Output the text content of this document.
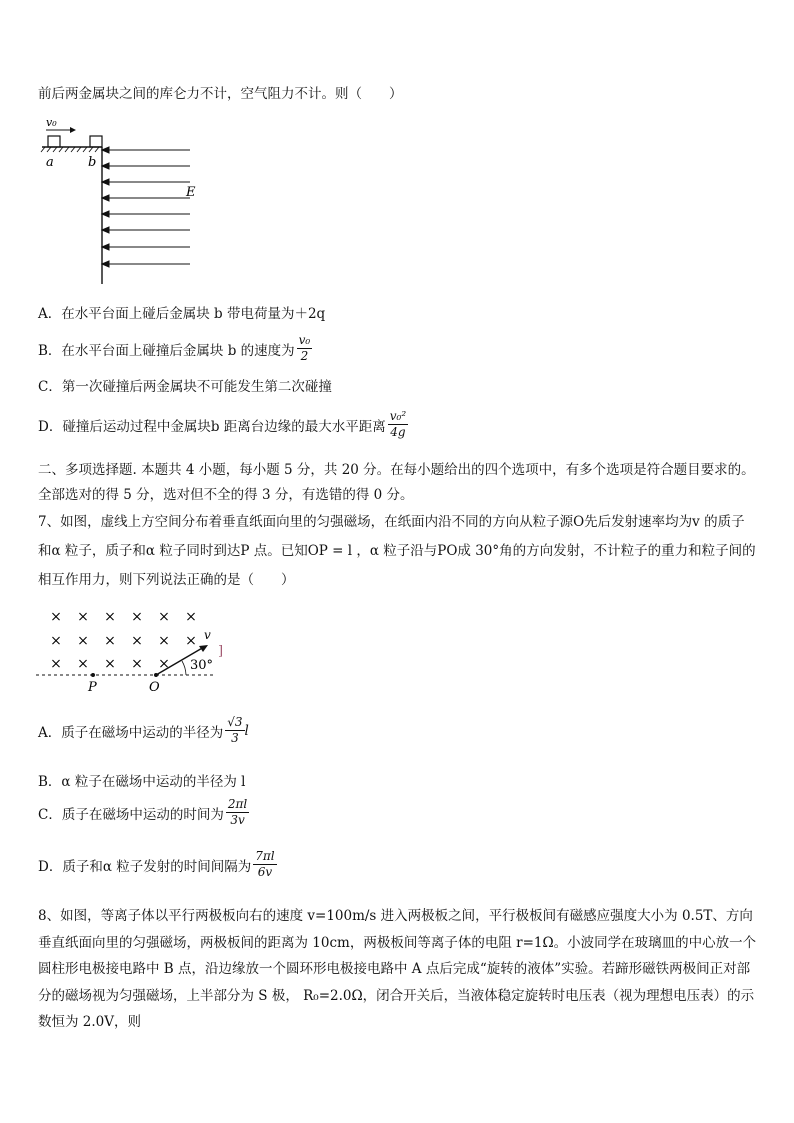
前后两金属块之间的库仑力不计，空气阻力不计。则（　　）
v₀
a	b
E
A．在水平台面上碰后金属块 b 带电荷量为＋2q
B．在水平台面上碰撞后金属块 b 的速度为 $\frac{\text{v₀}}{2}$
C．第一次碰撞后两金属块不可能发生第二次碰撞
D．碰撞后运动过程中金属块b 距离台边缘的最大水平距离 $\frac{\text{v₀²}}{4g}$
二、多项选择题. 本题共 4 小题，每小题 5 分，共 20 分。在每小题给出的四个选项中，有多个选项是符合题目要求的。全部选对的得 5 分，选对但不全的得 3 分，有选错的得 0 分。
7、如图，虚线上方空间分布着垂直纸面向里的匀强磁场，在纸面内沿不同的方向从粒子源O先后发射速率均为v 的质子和α 粒子，质子和α 粒子同时到达P 点。已知OP = l ，α 粒子沿与PO成 30°角的方向发射，不计粒子的重力和粒子间的相互作用力，则下列说法正确的是（　　）
× × × × × ×
× × × × × ×
× × × × ×
v
30°
]
P	O
A．质子在磁场中运动的半径为 $\frac{√3}{3}$ l
B．α 粒子在磁场中运动的半径为 l
C．质子在磁场中运动的时间为 $\frac{2\pi l}{3v}$
D．质子和α 粒子发射的时间间隔为 $\frac{7\pi l}{6v}$
8、如图，等离子体以平行两极板向右的速度 v=100m/s 进入两极板之间，平行极板间有磁感应强度大小为 0.5T、方向垂直纸面向里的匀强磁场，两极板间的距离为 10cm，两极板间等离子体的电阻 r=1Ω。小波同学在玻璃皿的中心放一个圆柱形电极接电路中 B 点，沿边缘放一个圆环形电极接电路中 A 点后完成“旋转的液体”实验。若蹄形磁铁两极间正对部分的磁场视为匀强磁场，上半部分为 S 极， R₀=2.0Ω，闭合开关后，当液体稳定旋转时电压表（视为理想电压表）的示数恒为 2.0V，则
